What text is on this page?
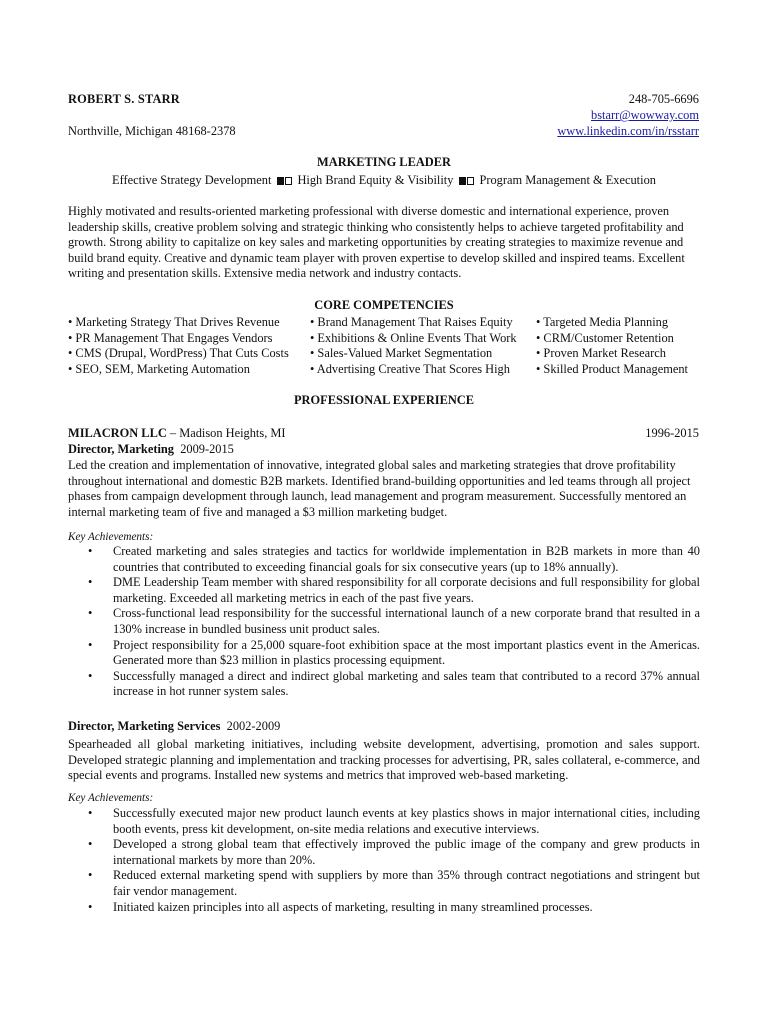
ROBERT S. STARR	248-705-6696
bstarr@wowway.com
Northville, Michigan 48168-2378	www.linkedin.com/in/rsstarr
MARKETING LEADER
Effective Strategy Development High Brand Equity & Visibility Program Management & Execution
Highly motivated and results-oriented marketing professional with diverse domestic and international experience, proven leadership skills, creative problem solving and strategic thinking who consistently helps to achieve targeted profitability and growth. Strong ability to capitalize on key sales and marketing opportunities by creating strategies to maximize revenue and build brand equity. Creative and dynamic team player with proven expertise to develop skilled and inspired teams. Excellent writing and presentation skills. Extensive media network and industry contacts.
CORE COMPETENCIES
• Marketing Strategy That Drives Revenue
• PR Management That Engages Vendors
• CMS (Drupal, WordPress) That Cuts Costs
• SEO, SEM, Marketing Automation
• Brand Management That Raises Equity
• Exhibitions & Online Events That Work
• Sales-Valued Market Segmentation
• Advertising Creative That Scores High
• Targeted Media Planning
• CRM/Customer Retention
• Proven Market Research
• Skilled Product Management
PROFESSIONAL EXPERIENCE
MILACRON LLC – Madison Heights, MI	1996-2015
Director, Marketing 2009-2015
Led the creation and implementation of innovative, integrated global sales and marketing strategies that drove profitability throughout international and domestic B2B markets. Identified brand-building opportunities and led teams through all project phases from campaign development through launch, lead management and program measurement. Successfully mentored an internal marketing team of five and managed a $3 million marketing budget.
Key Achievements:
• Created marketing and sales strategies and tactics for worldwide implementation in B2B markets in more than 40 countries that contributed to exceeding financial goals for six consecutive years (up to 18% annually).
• DME Leadership Team member with shared responsibility for all corporate decisions and full responsibility for global marketing. Exceeded all marketing metrics in each of the past five years.
• Cross-functional lead responsibility for the successful international launch of a new corporate brand that resulted in a 130% increase in bundled business unit product sales.
• Project responsibility for a 25,000 square-foot exhibition space at the most important plastics event in the Americas. Generated more than $23 million in plastics processing equipment.
• Successfully managed a direct and indirect global marketing and sales team that contributed to a record 37% annual increase in hot runner system sales.
Director, Marketing Services 2002-2009
Spearheaded all global marketing initiatives, including website development, advertising, promotion and sales support. Developed strategic planning and implementation and tracking processes for advertising, PR, sales collateral, e-commerce, and special events and programs. Installed new systems and metrics that improved web-based marketing.
Key Achievements:
• Successfully executed major new product launch events at key plastics shows in major international cities, including booth events, press kit development, on-site media relations and executive interviews.
• Developed a strong global team that effectively improved the public image of the company and grew products in international markets by more than 20%.
• Reduced external marketing spend with suppliers by more than 35% through contract negotiations and stringent but fair vendor management.
• Initiated kaizen principles into all aspects of marketing, resulting in many streamlined processes.
